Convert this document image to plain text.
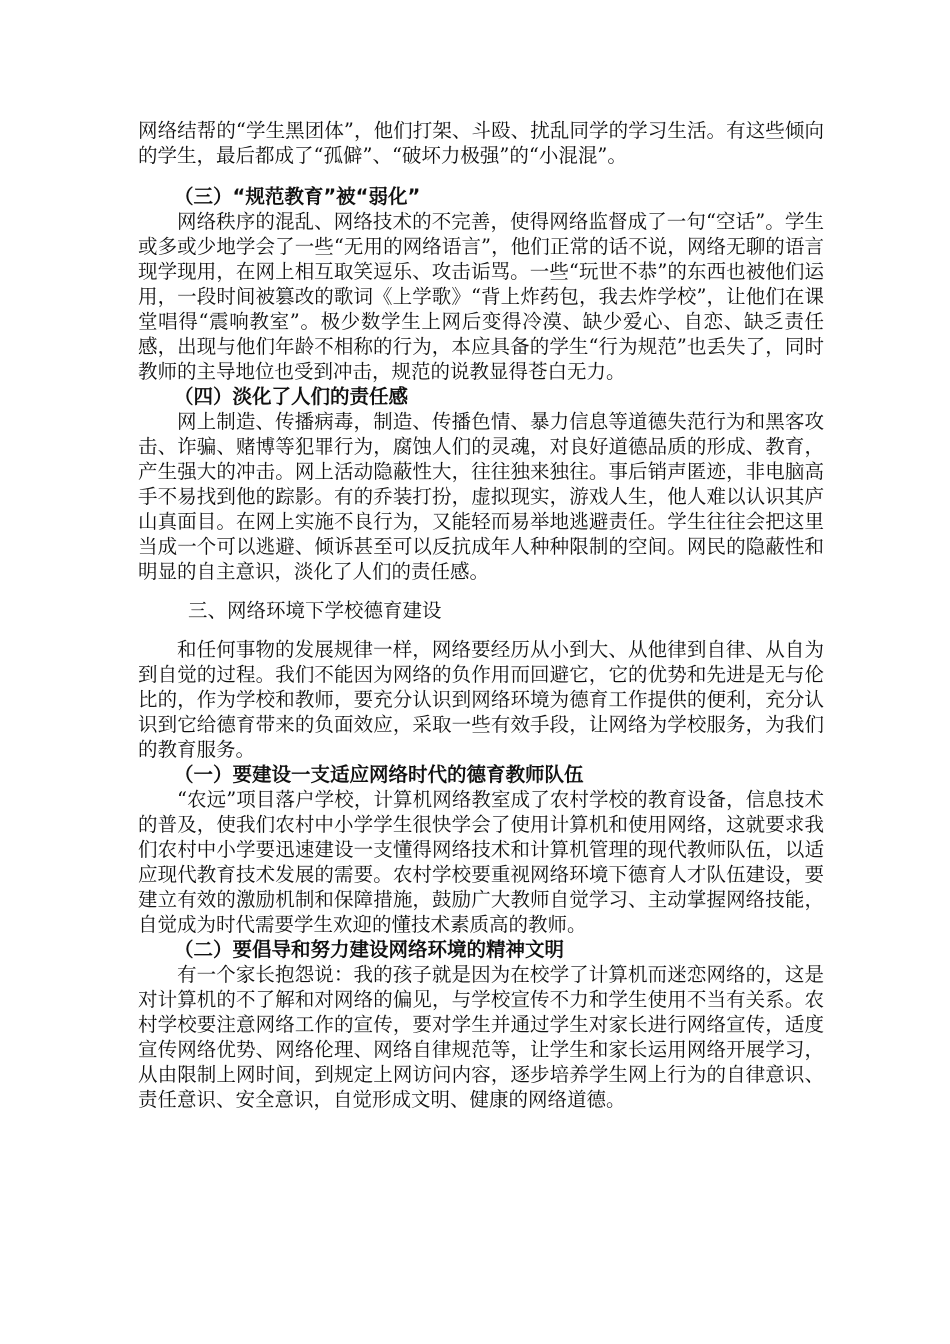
网络结帮的“学生黑团体”，他们打架、斗殴、扰乱同学的学习生活。有这些倾向的学生，最后都成了“孤僻”、“破坏力极强”的“小混混”。

（三）“规范教育”被“弱化”

网络秩序的混乱、网络技术的不完善，使得网络监督成了一句“空话”。学生或多或少地学会了一些“无用的网络语言”，他们正常的话不说，网络无聊的语言现学现用，在网上相互取笑逗乐、攻击诟骂。一些“玩世不恭”的东西也被他们运用，一段时间被篡改的歌词《上学歌》“背上炸药包，我去炸学校”，让他们在课堂唱得“震响教室”。极少数学生上网后变得冷漠、缺少爱心、自恋、缺乏责任感，出现与他们年龄不相称的行为，本应具备的学生“行为规范”也丢失了，同时教师的主导地位也受到冲击，规范的说教显得苍白无力。

（四）淡化了人们的责任感

网上制造、传播病毒，制造、传播色情、暴力信息等道德失范行为和黑客攻击、诈骗、赌博等犯罪行为，腐蚀人们的灵魂，对良好道德品质的形成、教育，产生强大的冲击。网上活动隐蔽性大，往往独来独往。事后销声匿迹，非电脑高手不易找到他的踪影。有的乔装打扮，虚拟现实，游戏人生，他人难以认识其庐山真面目。在网上实施不良行为，又能轻而易举地逃避责任。学生往往会把这里当成一个可以逃避、倾诉甚至可以反抗成年人种种限制的空间。网民的隐蔽性和明显的自主意识，淡化了人们的责任感。

三、网络环境下学校德育建设

和任何事物的发展规律一样，网络要经历从小到大、从他律到自律、从自为到自觉的过程。我们不能因为网络的负作用而回避它，它的优势和先进是无与伦比的，作为学校和教师，要充分认识到网络环境为德育工作提供的便利，充分认识到它给德育带来的负面效应，采取一些有效手段，让网络为学校服务，为我们的教育服务。

（一）要建设一支适应网络时代的德育教师队伍

“农远”项目落户学校，计算机网络教室成了农村学校的教育设备，信息技术的普及，使我们农村中小学学生很快学会了使用计算机和使用网络，这就要求我们农村中小学要迅速建设一支懂得网络技术和计算机管理的现代教师队伍，以适应现代教育技术发展的需要。农村学校要重视网络环境下德育人才队伍建设，要建立有效的激励机制和保障措施，鼓励广大教师自觉学习、主动掌握网络技能，自觉成为时代需要学生欢迎的懂技术素质高的教师。

（二）要倡导和努力建设网络环境的精神文明

有一个家长抱怨说：我的孩子就是因为在校学了计算机而迷恋网络的，这是对计算机的不了解和对网络的偏见，与学校宣传不力和学生使用不当有关系。农村学校要注意网络工作的宣传，要对学生并通过学生对家长进行网络宣传，适度宣传网络优势、网络伦理、网络自律规范等，让学生和家长运用网络开展学习，从由限制上网时间，到规定上网访问内容，逐步培养学生网上行为的自律意识、责任意识、安全意识，自觉形成文明、健康的网络道德。
